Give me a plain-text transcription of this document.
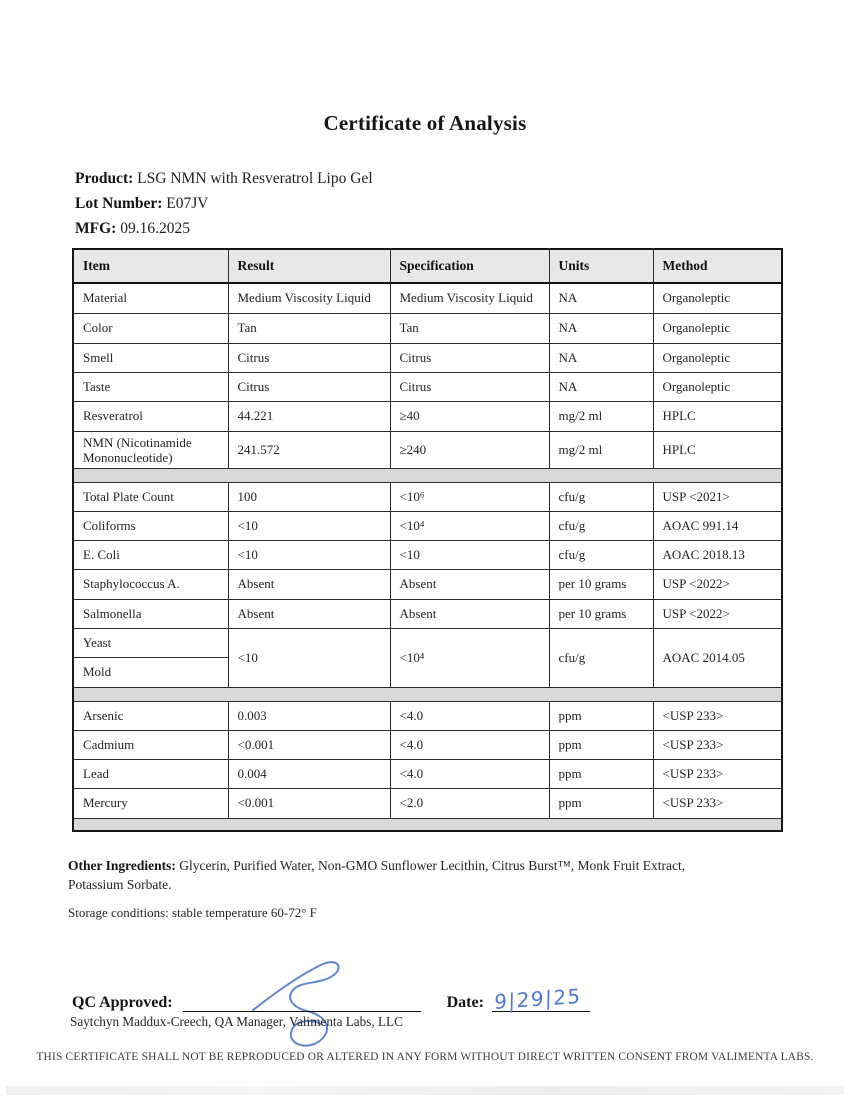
Certificate of Analysis
Product: LSG NMN with Resveratrol Lipo Gel
Lot Number: E07JV
MFG: 09.16.2025
Item	Result	Specification	Units	Method
Material	Medium Viscosity Liquid	Medium Viscosity Liquid	NA	Organoleptic
Color	Tan	Tan	NA	Organoleptic
Smell	Citrus	Citrus	NA	Organoleptic
Taste	Citrus	Citrus	NA	Organoleptic
Resveratrol	44.221	≥40	mg/2 ml	HPLC
NMN (Nicotinamide Mononucleotide)	241.572	≥240	mg/2 ml	HPLC

Total Plate Count	100	<10⁶	cfu/g	USP <2021>
Coliforms	<10	<10⁴	cfu/g	AOAC 991.14
E. Coli	<10	<10	cfu/g	AOAC 2018.13
Staphylococcus A.	Absent	Absent	per 10 grams	USP <2022>
Salmonella	Absent	Absent	per 10 grams	USP <2022>
Yeast	<10	<10⁴	cfu/g	AOAC 2014.05
Mold				

Arsenic	0.003	<4.0	ppm	<USP 233>
Cadmium	<0.001	<4.0	ppm	<USP 233>
Lead	0.004	<4.0	ppm	<USP 233>
Mercury	<0.001	<2.0	ppm	<USP 233>

Other Ingredients: Glycerin, Purified Water, Non-GMO Sunflower Lecithin, Citrus Burst™, Monk Fruit Extract, Potassium Sorbate.

Storage conditions: stable temperature 60-72° F

QC Approved:	Date: 9|29|25
Saytchyn Maddux-Creech, QA Manager, Valimenta Labs, LLC
THIS CERTIFICATE SHALL NOT BE REPRODUCED OR ALTERED IN ANY FORM WITHOUT DIRECT WRITTEN CONSENT FROM VALIMENTA LABS.
